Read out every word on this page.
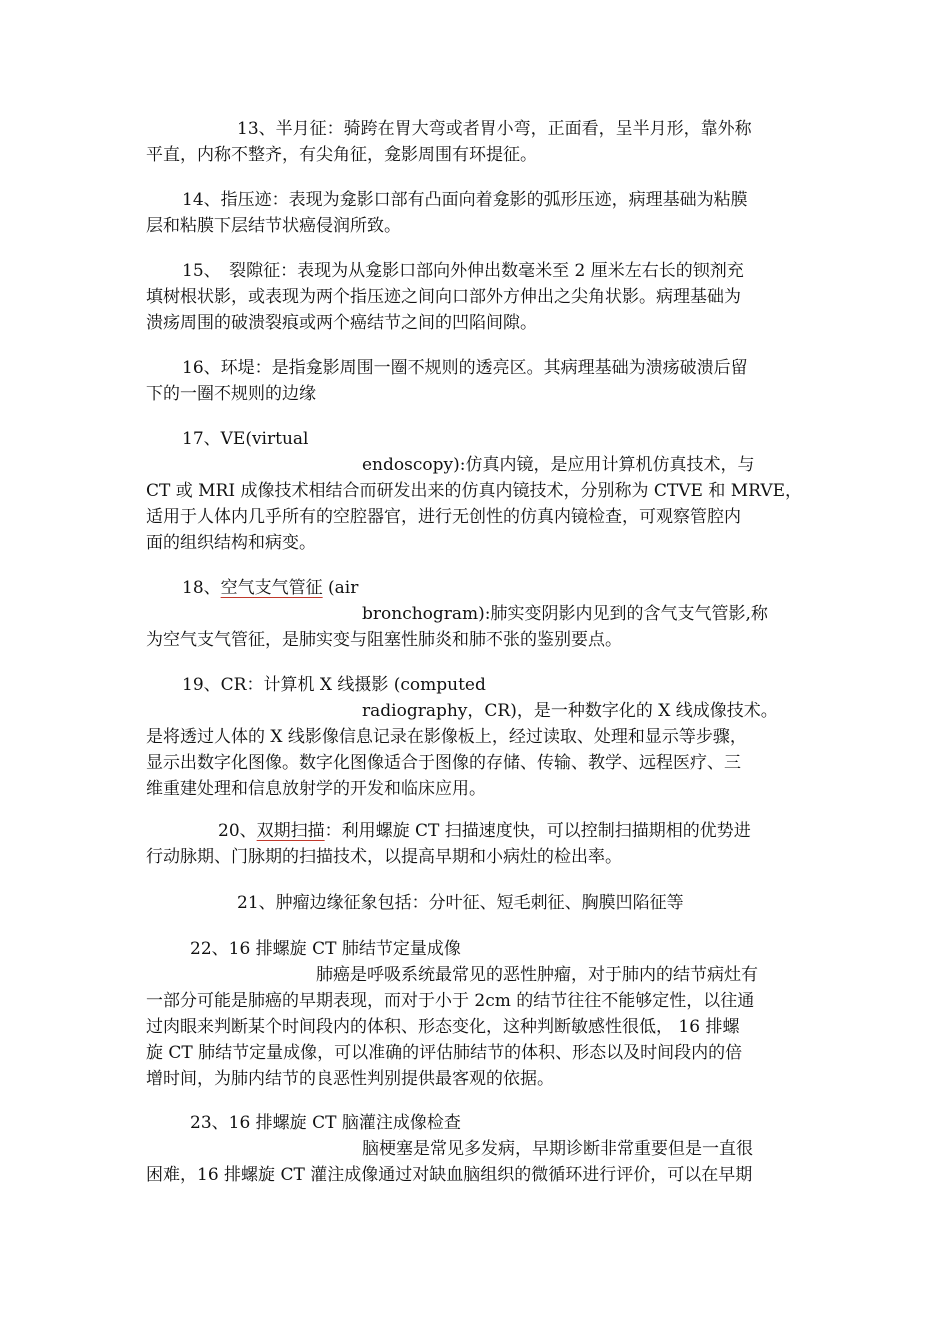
13、半月征：骑跨在胃大弯或者胃小弯，正面看，呈半月形，靠外称
平直，内称不整齐，有尖角征，龛影周围有环提征。
14、指压迹：表现为龛影口部有凸面向着龛影的弧形压迹，病理基础为粘膜
层和粘膜下层结节状癌侵润所致。
15、　裂隙征：表现为从龛影口部向外伸出数毫米至 2 厘米左右长的钡剂充
填树根状影，或表现为两个指压迹之间向口部外方伸出之尖角状影。病理基础为
溃疡周围的破溃裂痕或两个癌结节之间的凹陷间隙。
16、环堤：是指龛影周围一圈不规则的透亮区。其病理基础为溃疡破溃后留
下的一圈不规则的边缘
17、VE(virtual
endoscopy):仿真内镜，是应用计算机仿真技术，与
CT 或 MRI 成像技术相结合而研发出来的仿真内镜技术，分别称为 CTVE 和 MRVE，
适用于人体内几乎所有的空腔器官，进行无创性的仿真内镜检查，可观察管腔内
面的组织结构和病变。
18、空气支气管征 (air
bronchogram):肺实变阴影内见到的含气支气管影,称
为空气支气管征，是肺实变与阻塞性肺炎和肺不张的鉴别要点。
19、CR：计算机 X 线摄影 (computed
radiography，CR)，是一种数字化的 X 线成像技术。
是将透过人体的 X 线影像信息记录在影像板上，经过读取、处理和显示等步骤，
显示出数字化图像。数字化图像适合于图像的存储、传输、教学、远程医疗、三
维重建处理和信息放射学的开发和临床应用。
20、双期扫描：利用螺旋 CT 扫描速度快，可以控制扫描期相的优势进
行动脉期、门脉期的扫描技术，以提高早期和小病灶的检出率。
21、肿瘤边缘征象包括：分叶征、短毛刺征、胸膜凹陷征等
22、16 排螺旋 CT 肺结节定量成像
肺癌是呼吸系统最常见的恶性肿瘤，对于肺内的结节病灶有
一部分可能是肺癌的早期表现，而对于小于 2cm 的结节往往不能够定性，以往通
过肉眼来判断某个时间段内的体积、形态变化，这种判断敏感性很低， 16 排螺
旋 CT 肺结节定量成像，可以准确的评估肺结节的体积、形态以及时间段内的倍
增时间，为肺内结节的良恶性判别提供最客观的依据。
23、16 排螺旋 CT 脑灌注成像检查
脑梗塞是常见多发病，早期诊断非常重要但是一直很
困难，16 排螺旋 CT 灌注成像通过对缺血脑组织的微循环进行评价，可以在早期
